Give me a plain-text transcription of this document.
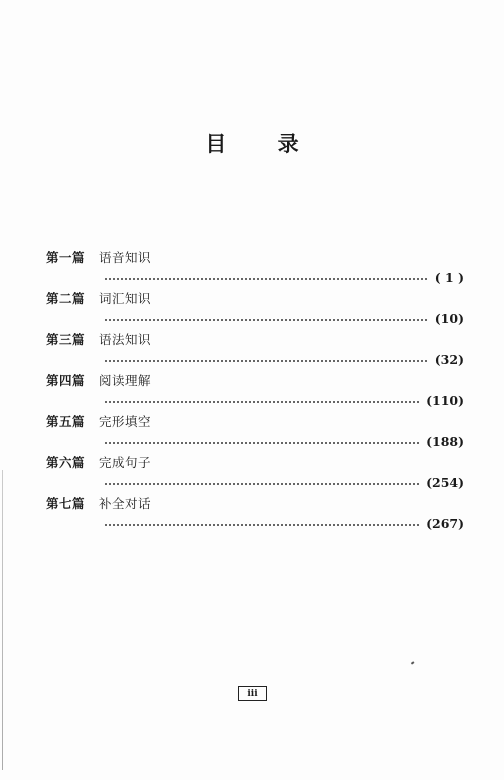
目 录
第一篇 语音知识
( 1 )
第二篇 词汇知识
(10)
第三篇 语法知识
(32)
第四篇 阅读理解
(110)
第五篇 完形填空
(188)
第六篇 完成句子
(254)
第七篇 补全对话
(267)
iii
